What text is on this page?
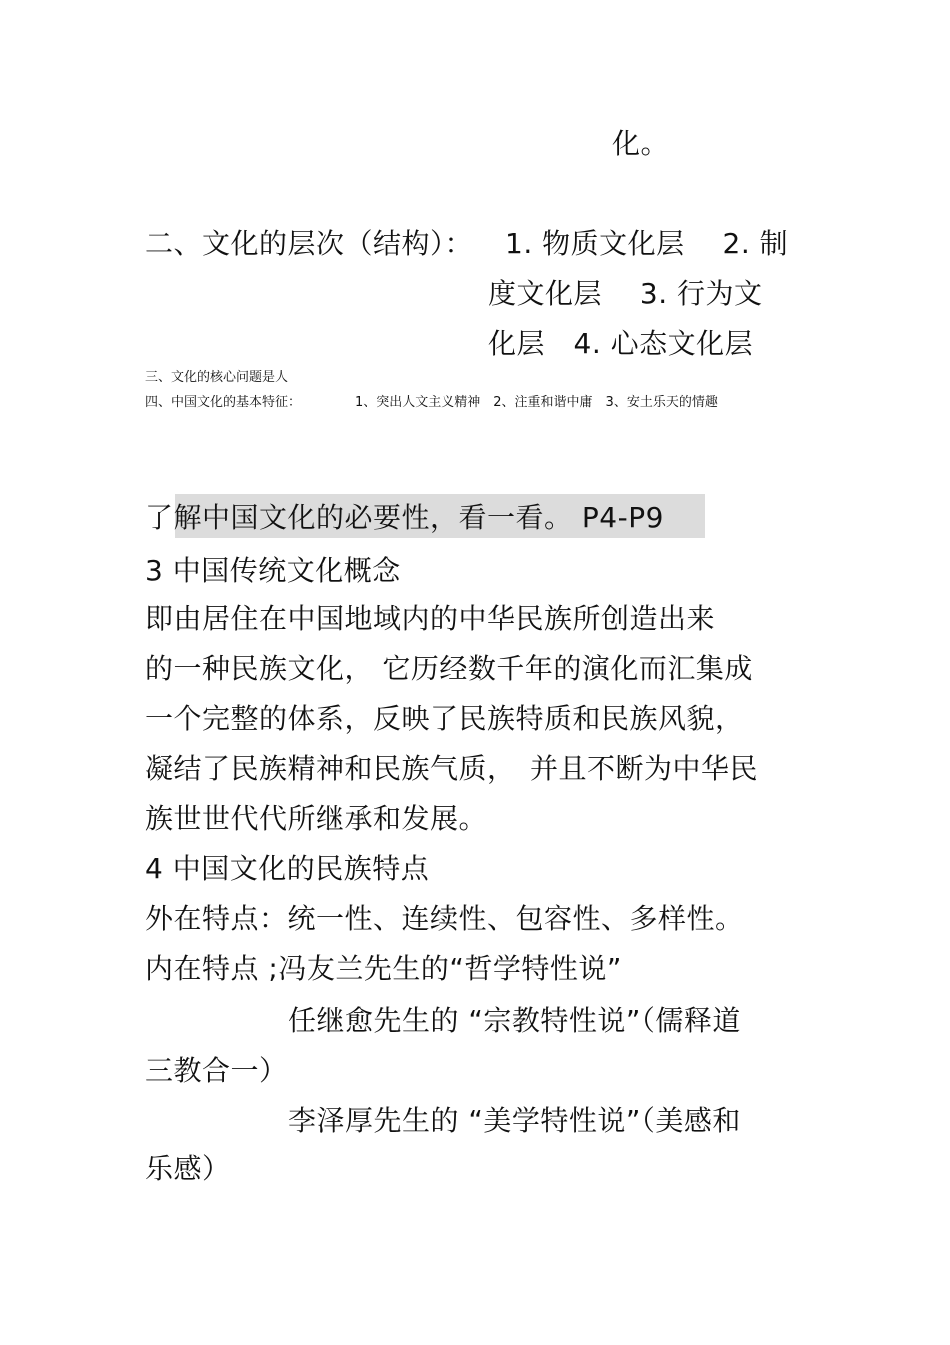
化。
二、文化的层次（结构）： 1. 物质文化层　 2. 制
度文化层　 3. 行为文
化层　4. 心态文化层
三、文化的核心问题是人
四、中国文化的基本特征：	1、突出人文主义精神　2、注重和谐中庸　3、安土乐天的情趣
了解中国文化的必要性，看一看。 P4-P9
3 中国传统文化概念
即由居住在中国地域内的中华民族所创造出来
的一种民族文化， 它历经数千年的演化而汇集成
一个完整的体系，反映了民族特质和民族风貌，
凝结了民族精神和民族气质，　并且不断为中华民
族世世代代所继承和发展。
4 中国文化的民族特点
外在特点：统一性、连续性、包容性、多样性。
内在特点 ;冯友兰先生的“哲学特性说”
任继愈先生的 “宗教特性说”（儒释道
三教合一）
李泽厚先生的 “美学特性说”（美感和
乐感）
